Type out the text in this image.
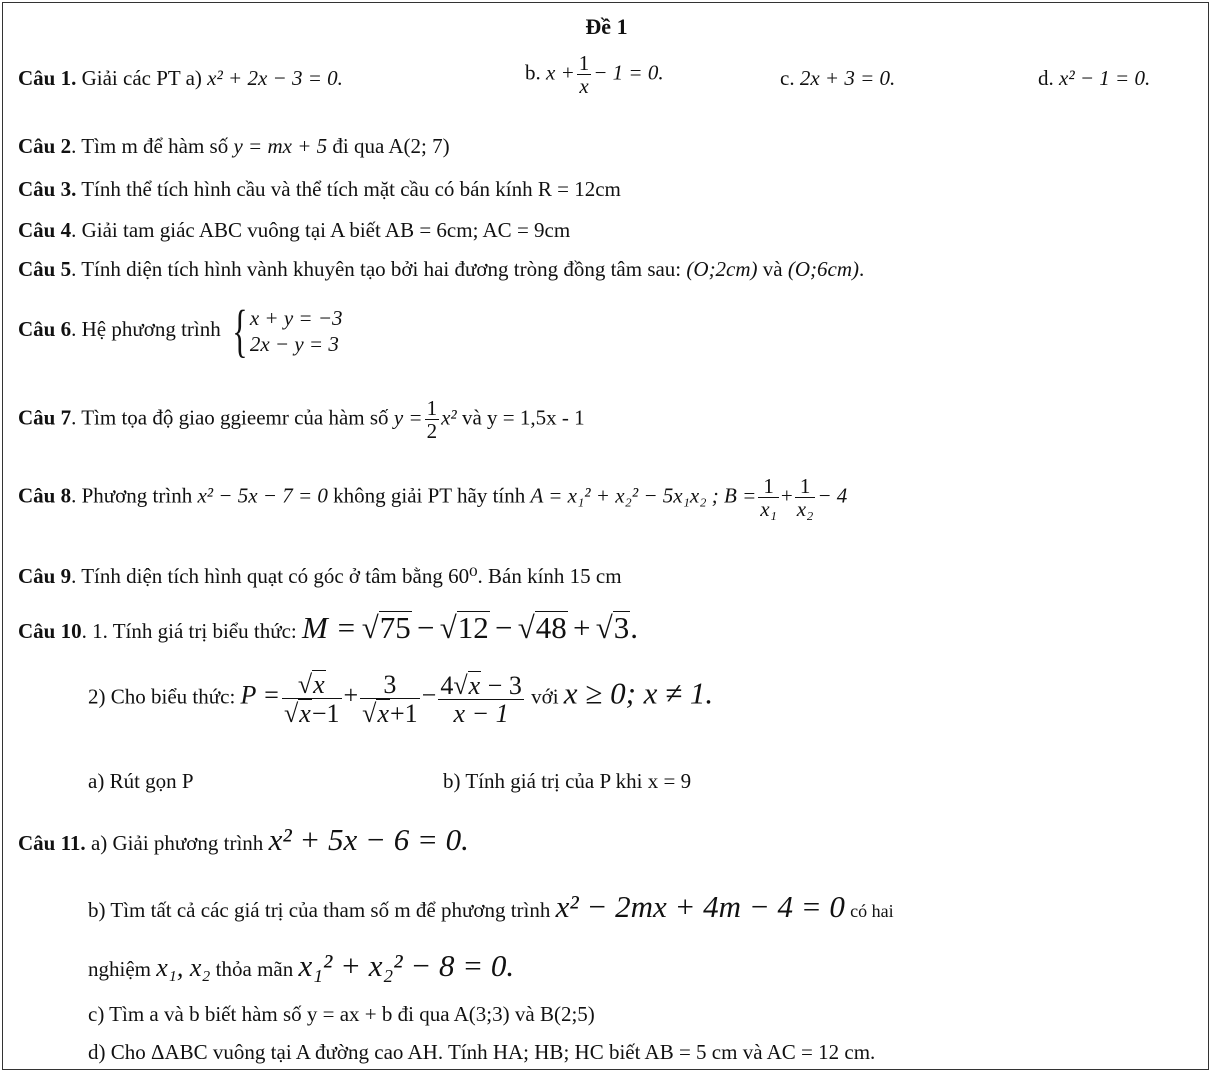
Đề 1
Câu 1. Giải các PT a) x² + 2x − 3 = 0.	b. $x + \frac{1}{x} - 1 = 0$.	c. 2x + 3 = 0.	d. x² − 1 = 0.
Câu 2. Tìm m để hàm số y = mx + 5 đi qua A(2; 7)
Câu 3. Tính thể tích hình cầu và thể tích mặt cầu có bán kính R = 12cm
Câu 4. Giải tam giác ABC vuông tại A biết AB = 6cm; AC = 9cm
Câu 5. Tính diện tích hình vành khuyên tạo bởi hai đương tròng đồng tâm sau: (O;2cm) và (O;6cm).
Câu 6. Hệ phương trình { x + y = −3
2x − y = 3
Câu 7. Tìm tọa độ giao ggieemr của hàm số $y = \frac{1}{2} x^2$ và y = 1,5x - 1
Câu 8. Phương trình x² − 5x − 7 = 0 không giải PT hãy tính A = x₁² + x₂² − 5x₁x₂ ; $B = \frac{1}{\text{x₁}} + \frac{1}{\text{x₂}} - 4$
Câu 9. Tính diện tích hình quạt có góc ở tâm bằng 60⁰. Bán kính 15 cm
Câu 10. 1. Tính giá trị biểu thức: M = √75 − √12 − √48 + √3.
2) Cho biểu thức: $P = \frac{√x}{√x-1} + \frac{3}{√x+1} - \frac{4√x - 3}{x - 1}$ với x ≥ 0; x ≠ 1.
a) Rút gọn P	b) Tính giá trị của P khi x = 9
Câu 11. a) Giải phương trình x² + 5x − 6 = 0.
b) Tìm tất cả các giá trị của tham số m để phương trình x² − 2mx + 4m − 4 = 0 có hai
nghiệm x₁, x₂ thỏa mãn x₁² + x₂² − 8 = 0.
c) Tìm a và b biết hàm số y = ax + b đi qua A(3;3) và B(2;5)
d) Cho ΔABC vuông tại A đường cao AH. Tính HA; HB; HC biết AB = 5 cm và AC = 12 cm.
